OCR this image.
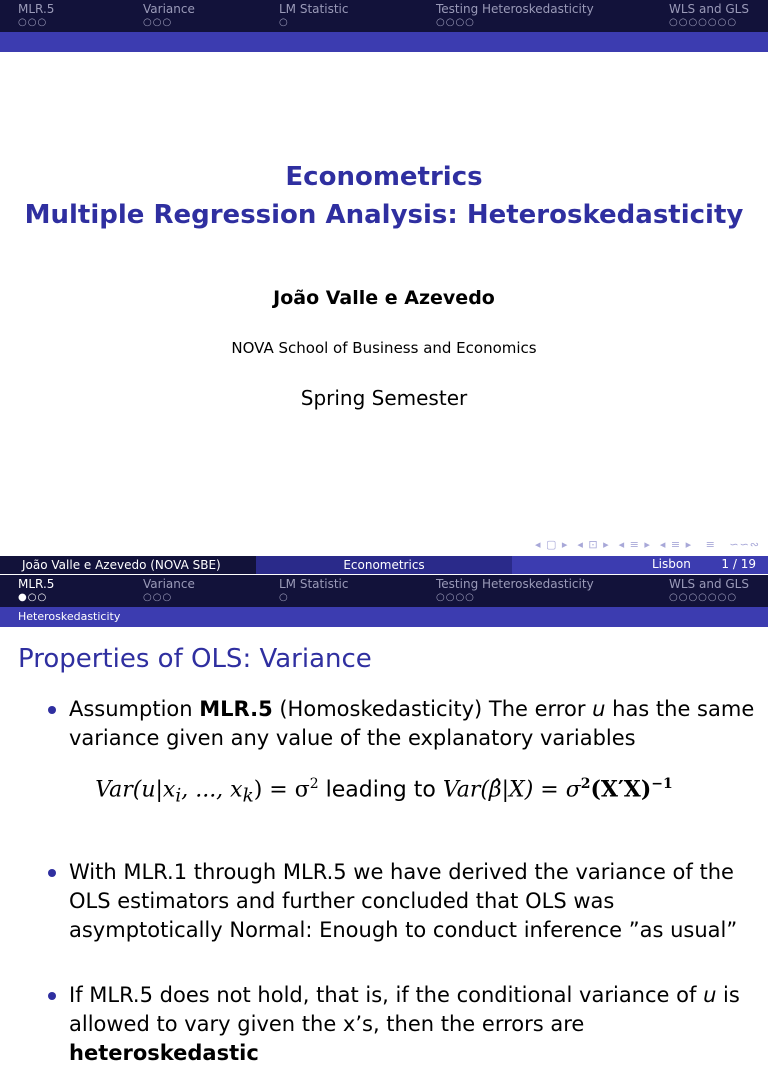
MLR.5
○○○
Variance
○○○
LM Statistic
○
Testing Heteroskedasticity
○○○○
WLS and GLS
○○○○○○○
Econometrics
Multiple Regression Analysis: Heteroskedasticity
João Valle e Azevedo
NOVA School of Business and Economics
Spring Semester
◂ ▢ ▸  ◂ ⊡ ▸  ◂ ≡ ▸  ◂ ≡ ▸   ≡   ∽∽∾
João Valle e Azevedo (NOVA SBE)	Econometrics	Lisbon	1 / 19
MLR.5
●○○
Variance
○○○
LM Statistic
○
Testing Heteroskedasticity
○○○○
WLS and GLS
○○○○○○○
Heteroskedasticity
Properties of OLS: Variance
Assumption MLR.5 (Homoskedasticity) The error u has the same variance given any value of the explanatory variables
$Var(u|x_i$, ..., $x_k) = \sigma^2$ leading to Var(β̂|X) = $\sigma^2(X'X)^{-1}$
With MLR.1 through MLR.5 we have derived the variance of the OLS estimators and further concluded that OLS was asymptotically Normal: Enough to conduct inference ”as usual”
If MLR.5 does not hold, that is, if the conditional variance of u is allowed to vary given the x’s, then the errors are heteroskedastic
